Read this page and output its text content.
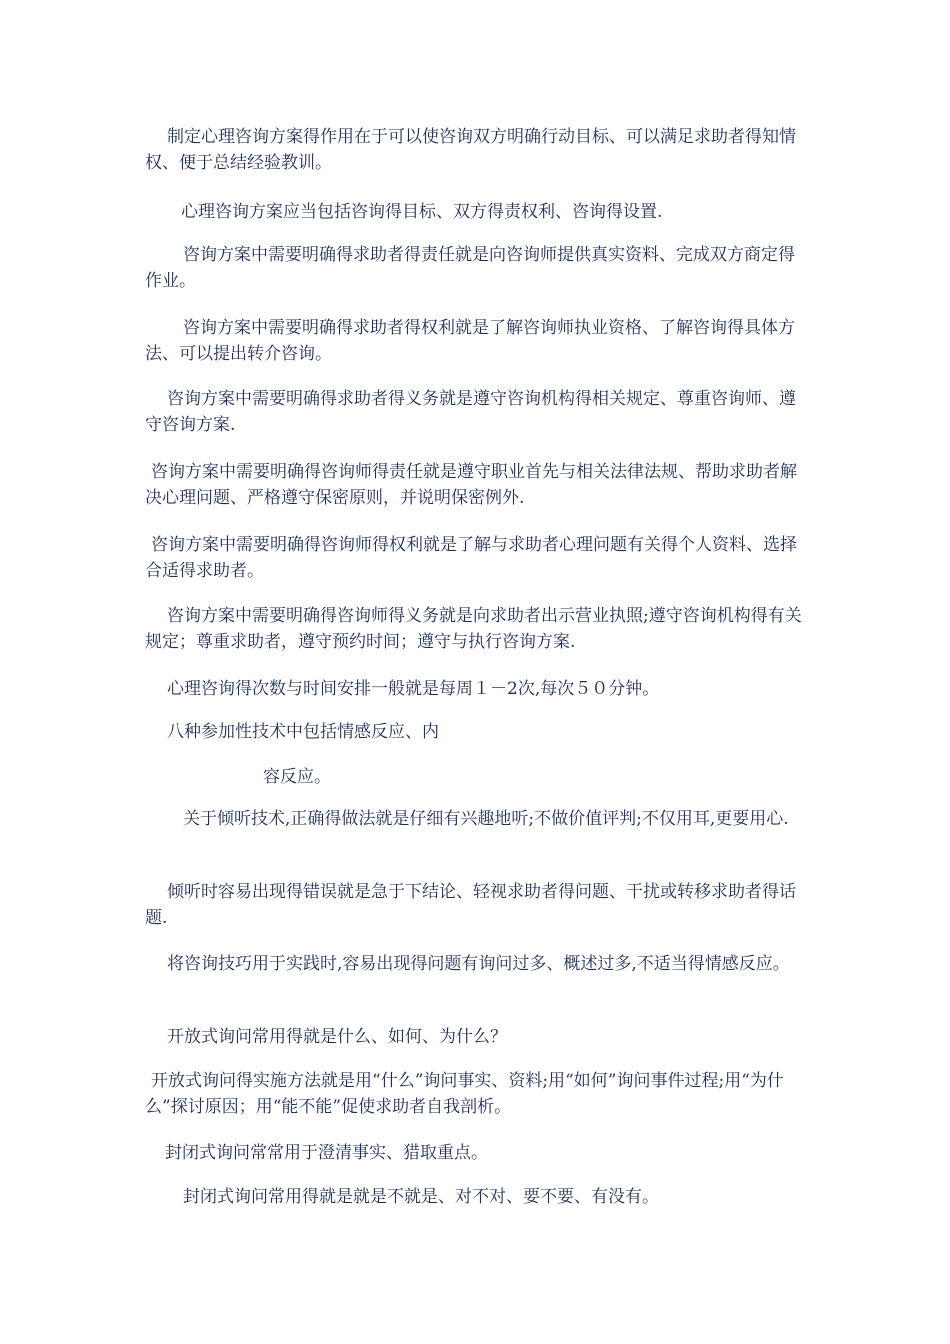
制定心理咨询方案得作用在于可以使咨询双方明确行动目标、可以满足求助者得知情权、便于总结经验教训。

心理咨询方案应当包括咨询得目标、双方得责权利、咨询得设置.

咨询方案中需要明确得求助者得责任就是向咨询师提供真实资料、完成双方商定得作业。

咨询方案中需要明确得求助者得权利就是了解咨询师执业资格、了解咨询得具体方法、可以提出转介咨询。

咨询方案中需要明确得求助者得义务就是遵守咨询机构得相关规定、尊重咨询师、遵守咨询方案.

咨询方案中需要明确得咨询师得责任就是遵守职业首先与相关法律法规、帮助求助者解决心理问题、严格遵守保密原则，并说明保密例外.

咨询方案中需要明确得咨询师得权利就是了解与求助者心理问题有关得个人资料、选择合适得求助者。

咨询方案中需要明确得咨询师得义务就是向求助者出示营业执照;遵守咨询机构得有关规定；尊重求助者，遵守预约时间；遵守与执行咨询方案.

心理咨询得次数与时间安排一般就是每周１－2次,每次５０分钟。

八种参加性技术中包括情感反应、内

容反应。

关于倾听技术,正确得做法就是仔细有兴趣地听;不做价值评判;不仅用耳,更要用心.

倾听时容易出现得错误就是急于下结论、轻视求助者得问题、干扰或转移求助者得话题.

将咨询技巧用于实践时,容易出现得问题有询问过多、概述过多,不适当得情感反应。

开放式询问常用得就是什么、如何、为什么？

开放式询问得实施方法就是用“什么”询问事实、资料;用“如何”询问事件过程;用“为什么”探讨原因；用“能不能”促使求助者自我剖析。

封闭式询问常常用于澄清事实、猎取重点。

封闭式询问常用得就是就是不就是、对不对、要不要、有没有。
